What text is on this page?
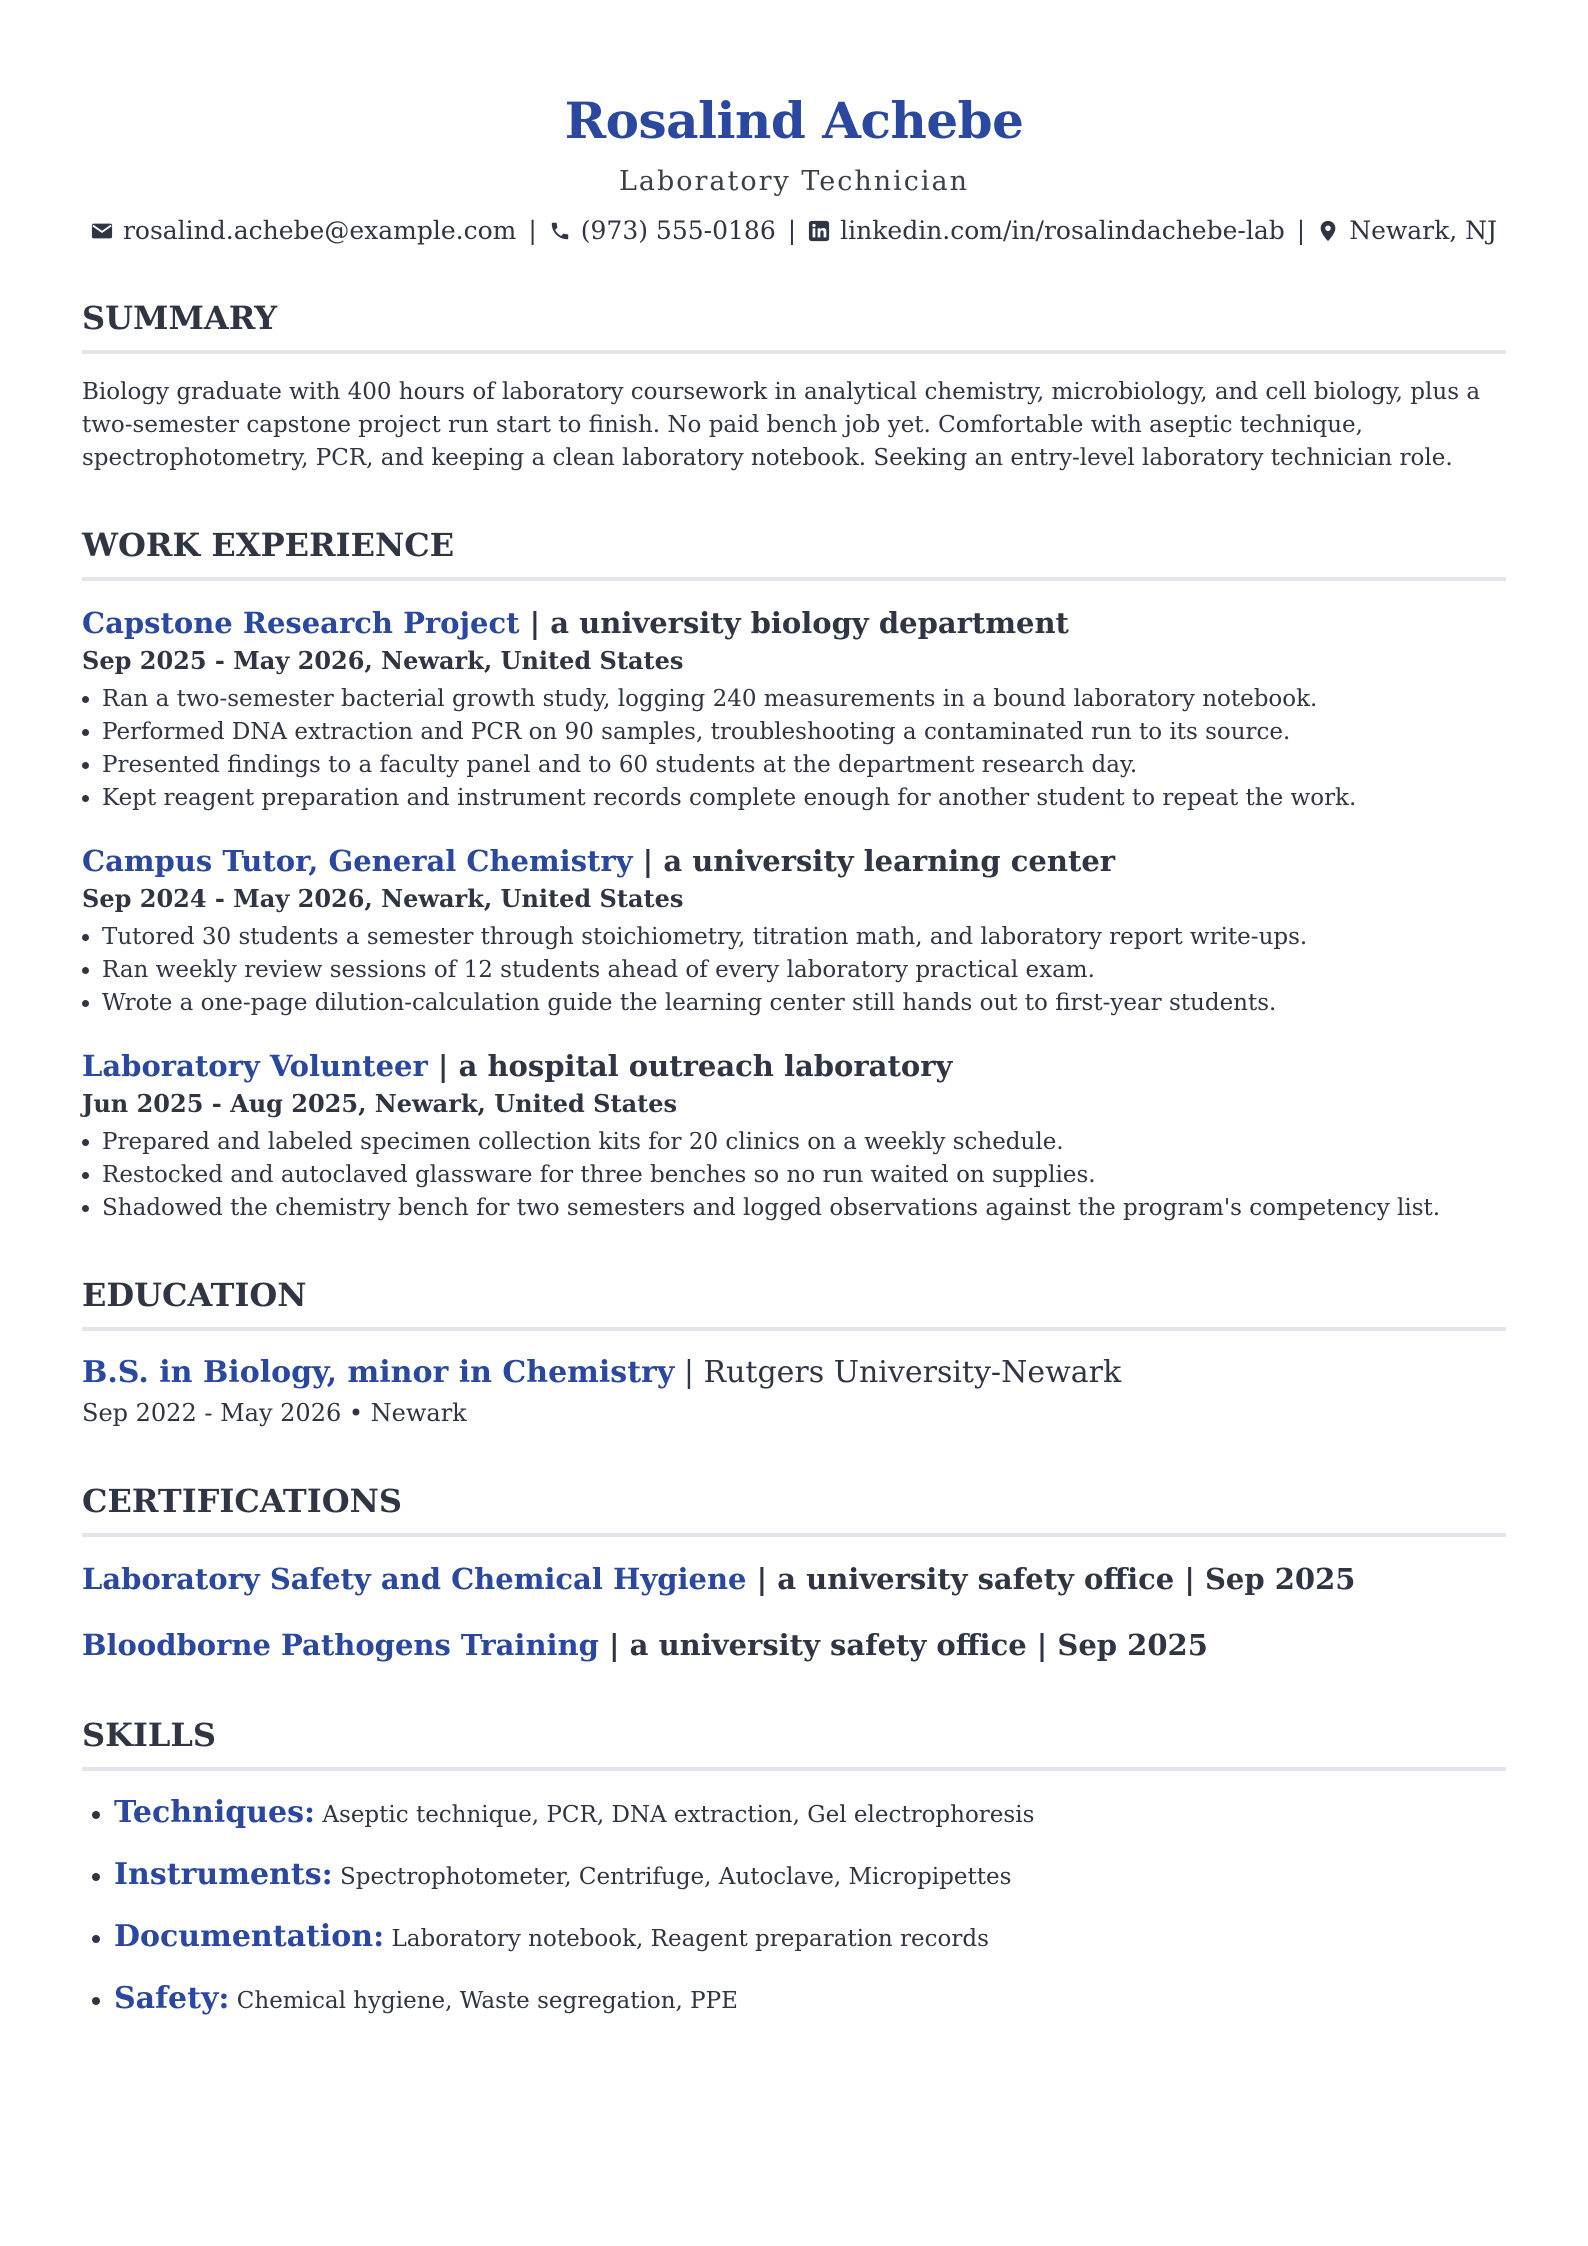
Rosalind Achebe
Laboratory Technician
rosalind.achebe@example.com | (973) 555-0186 | linkedin.com/in/rosalindachebe-lab | Newark, NJ
SUMMARY
Biology graduate with 400 hours of laboratory coursework in analytical chemistry, microbiology, and cell biology, plus a two-semester capstone project run start to finish. No paid bench job yet. Comfortable with aseptic technique, spectrophotometry, PCR, and keeping a clean laboratory notebook. Seeking an entry-level laboratory technician role.
WORK EXPERIENCE
Capstone Research Project | a university biology department
Sep 2025 - May 2026, Newark, United States
• Ran a two-semester bacterial growth study, logging 240 measurements in a bound laboratory notebook.
• Performed DNA extraction and PCR on 90 samples, troubleshooting a contaminated run to its source.
• Presented findings to a faculty panel and to 60 students at the department research day.
• Kept reagent preparation and instrument records complete enough for another student to repeat the work.
Campus Tutor, General Chemistry | a university learning center
Sep 2024 - May 2026, Newark, United States
• Tutored 30 students a semester through stoichiometry, titration math, and laboratory report write-ups.
• Ran weekly review sessions of 12 students ahead of every laboratory practical exam.
• Wrote a one-page dilution-calculation guide the learning center still hands out to first-year students.
Laboratory Volunteer | a hospital outreach laboratory
Jun 2025 - Aug 2025, Newark, United States
• Prepared and labeled specimen collection kits for 20 clinics on a weekly schedule.
• Restocked and autoclaved glassware for three benches so no run waited on supplies.
• Shadowed the chemistry bench for two semesters and logged observations against the program's competency list.
EDUCATION
B.S. in Biology, minor in Chemistry | Rutgers University-Newark
Sep 2022 - May 2026 • Newark
CERTIFICATIONS
Laboratory Safety and Chemical Hygiene | a university safety office | Sep 2025
Bloodborne Pathogens Training | a university safety office | Sep 2025
SKILLS
• Techniques: Aseptic technique, PCR, DNA extraction, Gel electrophoresis
• Instruments: Spectrophotometer, Centrifuge, Autoclave, Micropipettes
• Documentation: Laboratory notebook, Reagent preparation records
• Safety: Chemical hygiene, Waste segregation, PPE
